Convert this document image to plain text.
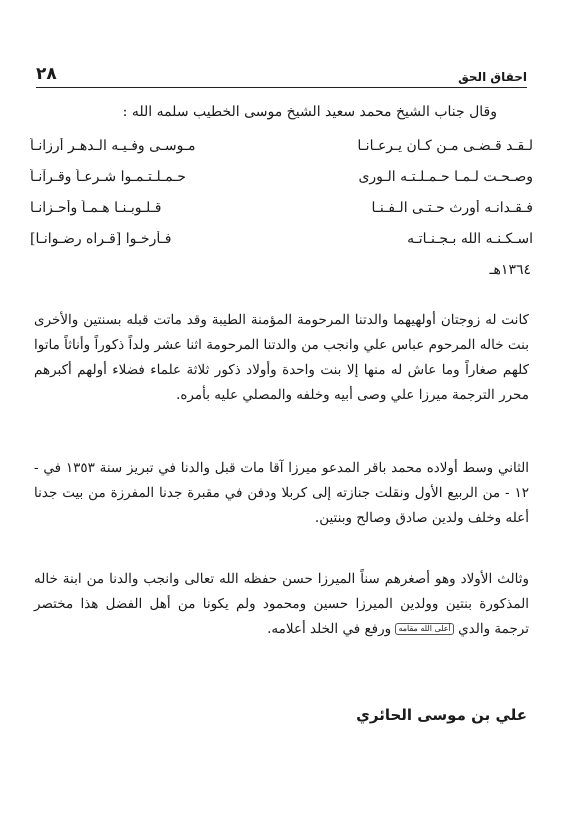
احقاق الحق
٢٨
وقال جناب الشيخ محمد سعيد الشيخ موسى الخطيب سلمه الله :
لـقـد قـضـى مـن كـان يـرعـانـا
مـوسـى وفـيـه الـدهـر أرزانـاً
وصـحـت لـمـا حـمـلـتـه الـورى
حـمـلـتـمـوا شـرعـاً وقـرآنـاً
فـقـدانـه أورث حـتـى الـفـنـا
قـلـوبـنـا هـمـاً وأحـزانـا
اسـكـنـه الله بـجـنـاتـه
فـأرخـوا [قـراه رضـوانـا]
١٣٦٤هـ

كانت له زوجتان أولهيهما والدتنا المرحومة المؤمنة الطيبة وقد ماتت قبله بسنتين والأخرى بنت خاله المرحوم عباس علي وانجب من والدتنا المرحومة اثنا عشر ولداً ذكوراً وأناثاً ماتوا كلهم صغاراً وما عاش له منها إلا بنت واحدة وأولاد ذكور ثلاثة علماء فضلاء أولهم أكبرهم محرر الترجمة ميرزا علي وصى أبيه وخلفه والمصلي عليه بأمره.

الثاني وسط أولاده محمد باقر المدعو ميرزا آقا مات قبل والدنا في تبريز سنة ١٣٥٣ في - ١٢ - من الربيع الأول ونقلت جنازته إلى كربلا ودفن في مقبرة جدنا المفرزة من بيت جدنا أعله وخلف ولدين صادق وصالح وبنتين.

وثالث الأولاد وهو أصغرهم سناً الميرزا حسن حفظه الله تعالى وانجب والدنا من ابنة خاله المذكورة بنتين وولدين الميرزا حسين ومحمود ولم يكونا من أهل الفضل هذا مختصر ترجمة والدي أعلى الله مقامه ورفع في الخلد أعلامه.

علي بن موسى الحائري
